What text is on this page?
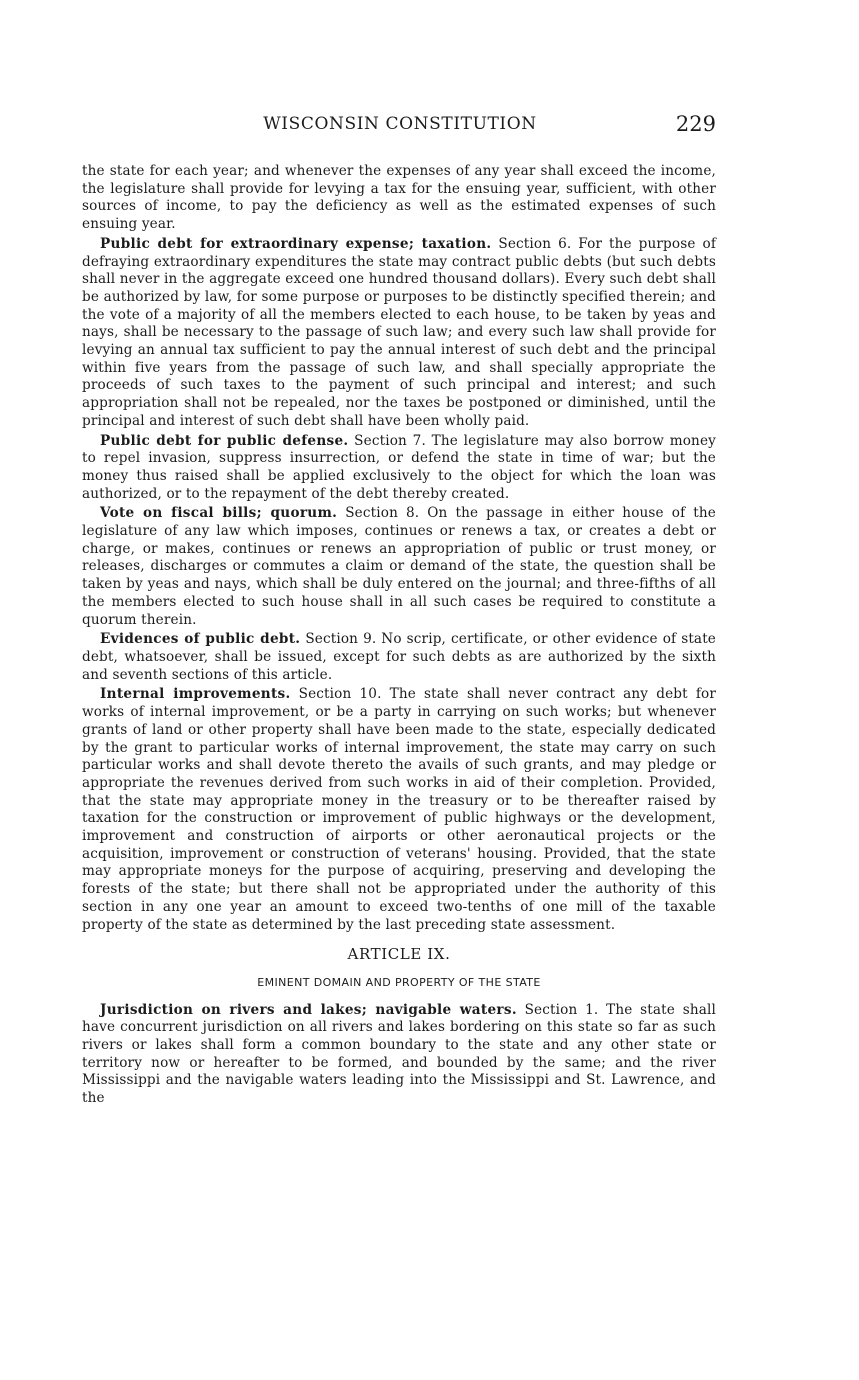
WISCONSIN CONSTITUTION	229

the state for each year; and whenever the expenses of any year shall exceed the income, the legislature shall provide for levying a tax for the ensuing year, sufficient, with other sources of income, to pay the deficiency as well as the estimated expenses of such ensuing year.

Public debt for extraordinary expense; taxation. Section 6. For the purpose of defraying extraordinary expenditures the state may contract public debts (but such debts shall never in the aggregate exceed one hundred thousand dollars). Every such debt shall be authorized by law, for some purpose or purposes to be distinctly specified therein; and the vote of a majority of all the members elected to each house, to be taken by yeas and nays, shall be necessary to the passage of such law; and every such law shall provide for levying an annual tax sufficient to pay the annual interest of such debt and the principal within five years from the passage of such law, and shall specially appropriate the proceeds of such taxes to the payment of such principal and interest; and such appropriation shall not be repealed, nor the taxes be postponed or diminished, until the principal and interest of such debt shall have been wholly paid.

Public debt for public defense. Section 7. The legislature may also borrow money to repel invasion, suppress insurrection, or defend the state in time of war; but the money thus raised shall be applied exclusively to the object for which the loan was authorized, or to the repayment of the debt thereby created.

Vote on fiscal bills; quorum. Section 8. On the passage in either house of the legislature of any law which imposes, continues or renews a tax, or creates a debt or charge, or makes, continues or renews an appropriation of public or trust money, or releases, discharges or commutes a claim or demand of the state, the question shall be taken by yeas and nays, which shall be duly entered on the journal; and three-fifths of all the members elected to such house shall in all such cases be required to constitute a quorum therein.

Evidences of public debt. Section 9. No scrip, certificate, or other evidence of state debt, whatsoever, shall be issued, except for such debts as are authorized by the sixth and seventh sections of this article.

Internal improvements. Section 10. The state shall never contract any debt for works of internal improvement, or be a party in carrying on such works; but whenever grants of land or other property shall have been made to the state, especially dedicated by the grant to particular works of internal improvement, the state may carry on such particular works and shall devote thereto the avails of such grants, and may pledge or appropriate the revenues derived from such works in aid of their completion. Provided, that the state may appropriate money in the treasury or to be thereafter raised by taxation for the construction or improvement of public highways or the development, improvement and construction of airports or other aeronautical projects or the acquisition, improvement or construction of veterans' housing. Provided, that the state may appropriate moneys for the purpose of acquiring, preserving and developing the forests of the state; but there shall not be appropriated under the authority of this section in any one year an amount to exceed two-tenths of one mill of the taxable property of the state as determined by the last preceding state assessment.

ARTICLE IX.
EMINENT DOMAIN AND PROPERTY OF THE STATE

Jurisdiction on rivers and lakes; navigable waters. Section 1. The state shall have concurrent jurisdiction on all rivers and lakes bordering on this state so far as such rivers or lakes shall form a common boundary to the state and any other state or territory now or hereafter to be formed, and bounded by the same; and the river Mississippi and the navigable waters leading into the Mississippi and St. Lawrence, and the
